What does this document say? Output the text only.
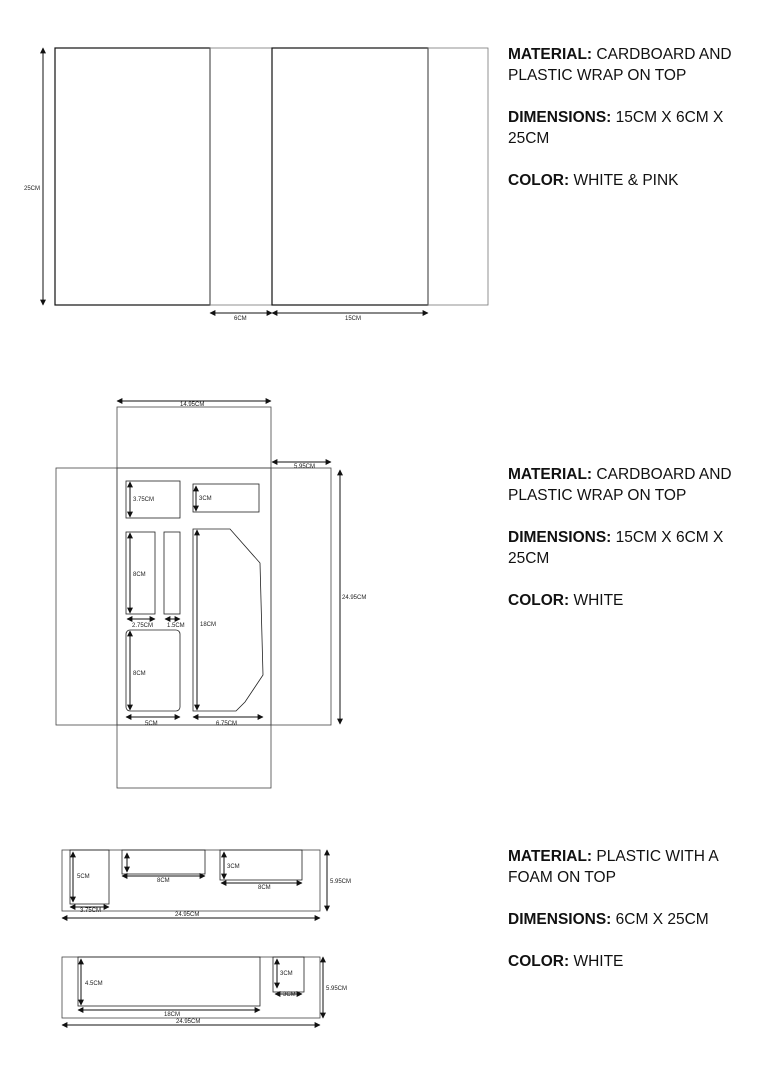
25CM
6CM	15CM
14.95CM
5.95CM
24.95CM
3.75CM	3CM
8CM
2.75CM 1.5CM
8CM
18CM
5CM	6.75CM
5CM
3.75CM
8CM
3CM
8CM
5.95CM
24.95CM
4.5CM
18CM
3CM
3CM
5.95CM
24.95CM

MATERIAL: CARDBOARD AND PLASTIC WRAP ON TOP

DIMENSIONS: 15CM X 6CM X 25CM

COLOR: WHITE & PINK

MATERIAL: CARDBOARD AND PLASTIC WRAP ON TOP

DIMENSIONS: 15CM X 6CM X 25CM

COLOR: WHITE

MATERIAL: PLASTIC WITH A FOAM ON TOP

DIMENSIONS: 6CM X 25CM

COLOR: WHITE
